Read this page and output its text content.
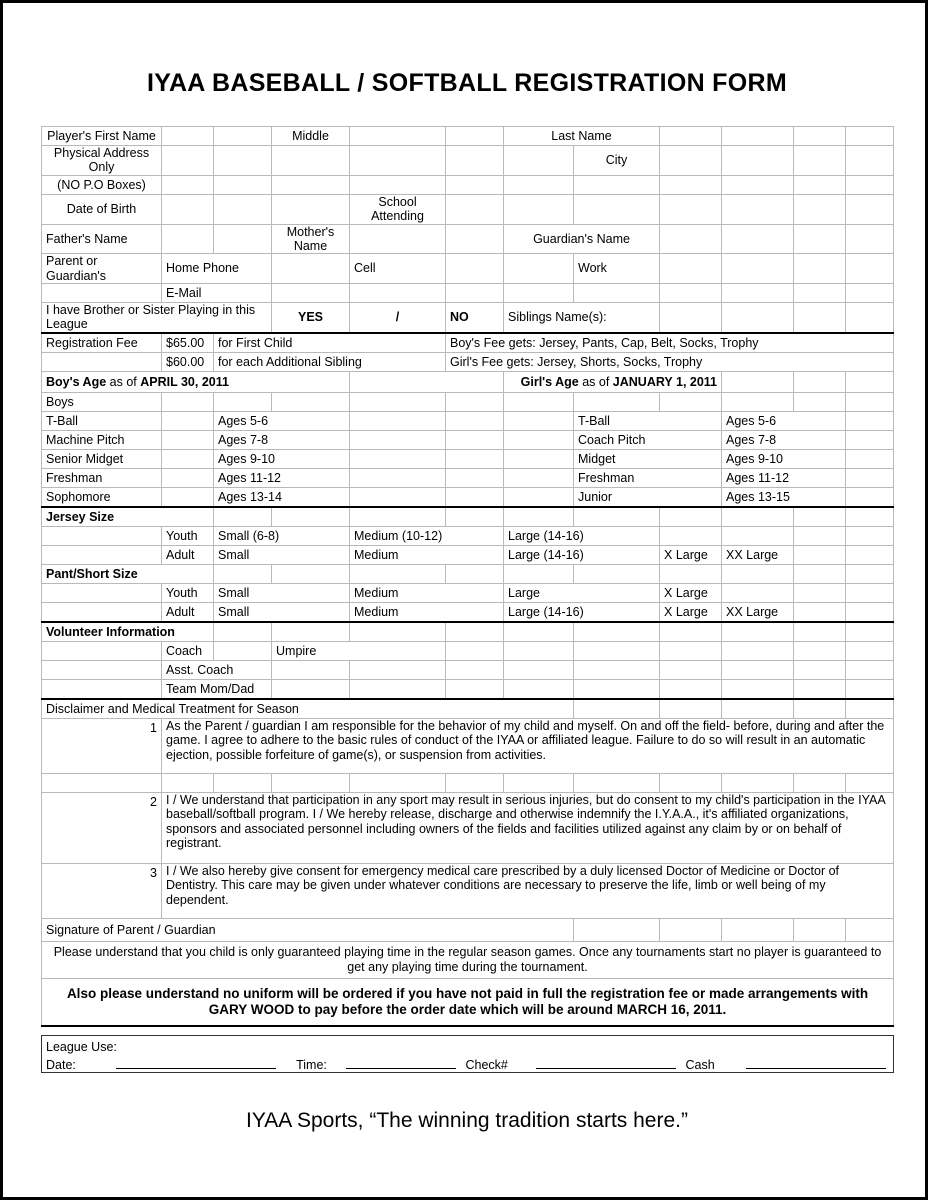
IYAA BASEBALL / SOFTBALL REGISTRATION FORM
Player's First Name			Middle			Last Name					
Physical Address Only							City				
(NO P.O Boxes)											
Date of Birth				School Attending							
Father's Name			Mother's Name			Guardian's Name					
Parent or Guardian's	Home Phone			Cell			Work				
	E-Mail										
I have Brother or Sister Playing in this League			YES	/	NO	Siblings Name(s):					
Registration Fee	$65.00	for First Child			Boy's Fee gets: Jersey, Pants, Cap, Belt, Socks, Trophy						
	$60.00	for each Additional Sibling			Girl's Fee gets: Jersey, Shorts, Socks, Trophy						
Boy's Age as of APRIL 30, 2011						Girl's Age as of JANUARY 1, 2011					
Boys											
T-Ball		Ages 5-6					T-Ball		Ages 5-6		
Machine Pitch		Ages 7-8					Coach Pitch		Ages 7-8		
Senior Midget		Ages 9-10					Midget		Ages 9-10		
Freshman		Ages 11-12					Freshman		Ages 11-12		
Sophomore		Ages 13-14					Junior		Ages 13-15		
Jersey Size											
	Youth	Small (6-8)		Medium (10-12)		Large (14-16)					
	Adult	Small		Medium		Large (14-16)		X Large	XX Large		
Pant/Short Size											
	Youth	Small		Medium		Large		X Large			
	Adult	Small		Medium		Large (14-16)		X Large	XX Large		
Volunteer Information											
	Coach		Umpire								
	Asst. Coach										
	Team Mom/Dad										
Disclaimer and Medical Treatment for Season											
1	As the Parent / guardian I am responsible for the behavior of my child and myself. On and off the field- before, during and after the game. I agree to adhere to the basic rules of conduct of the IYAA or affiliated league. Failure to do so will result in an automatic ejection, possible forfeiture of game(s), or suspension from activities.										

2	I / We understand that participation in any sport may result in serious injuries, but do consent to my child's participation in the IYAA baseball/softball program. I / We hereby release, discharge and otherwise indemnify the I.Y.A.A., it's affiliated organizations, sponsors and associated personnel including owners of the fields and facilities utilized against any claim by or on behalf of registrant.										
3	I / We also hereby give consent for emergency medical care prescribed by a duly licensed Doctor of Medicine or Doctor of Dentistry. This care may be given under whatever conditions are necessary to preserve the life, limb or well being of my dependent.										
Signature of Parent / Guardian											
Please understand that you child is only guaranteed playing time in the regular season games. Once any tournaments start no player is guaranteed to get any playing time during the tournament.											
Also please understand no uniform will be ordered if you have not paid in full the registration fee or made arrangements with GARY WOOD to pay before the order date which will be around MARCH 16, 2011.											
League Use:
Date:		Time:		Check#		Cash	
IYAA Sports, “The winning tradition starts here.”
